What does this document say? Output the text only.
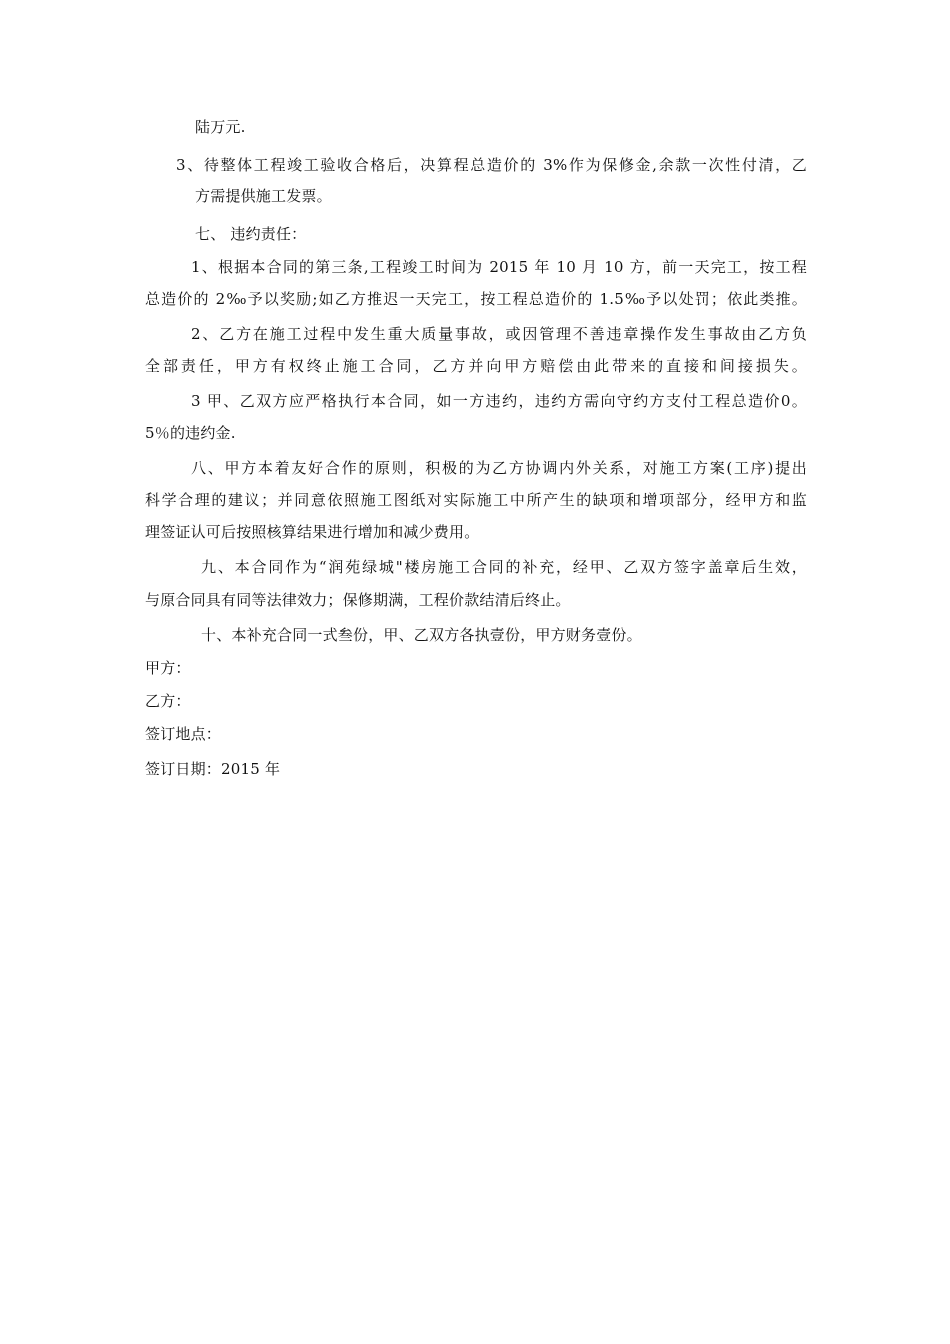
陆万元.
3、待整体工程竣工验收合格后，决算程总造价的 3%作为保修金,余款一次性付清，乙
方需提供施工发票。
七、 违约责任：
1、根据本合同的第三条,工程竣工时间为 2015 年 10 月 10 方，前一天完工，按工程
总造价的 2‰予以奖励;如乙方推迟一天完工，按工程总造价的 1.5‰予以处罚；依此类推。
2、乙方在施工过程中发生重大质量事故，或因管理不善违章操作发生事故由乙方负
全部责任，甲方有权终止施工合同，乙方并向甲方赔偿由此带来的直接和间接损失。
3 甲、乙双方应严格执行本合同，如一方违约，违约方需向守约方支付工程总造价0。
5％的违约金.
八、甲方本着友好合作的原则，积极的为乙方协调内外关系，对施工方案(工序)提出
科学合理的建议；并同意依照施工图纸对实际施工中所产生的缺项和增项部分，经甲方和监
理签证认可后按照核算结果进行增加和减少费用。
九、本合同作为“润苑绿城"楼房施工合同的补充，经甲、乙双方签字盖章后生效，
与原合同具有同等法律效力；保修期满，工程价款结清后终止。
十、本补充合同一式叁份，甲、乙双方各执壹份，甲方财务壹份。
甲方：
乙方：
签订地点：
签订日期：2015 年
